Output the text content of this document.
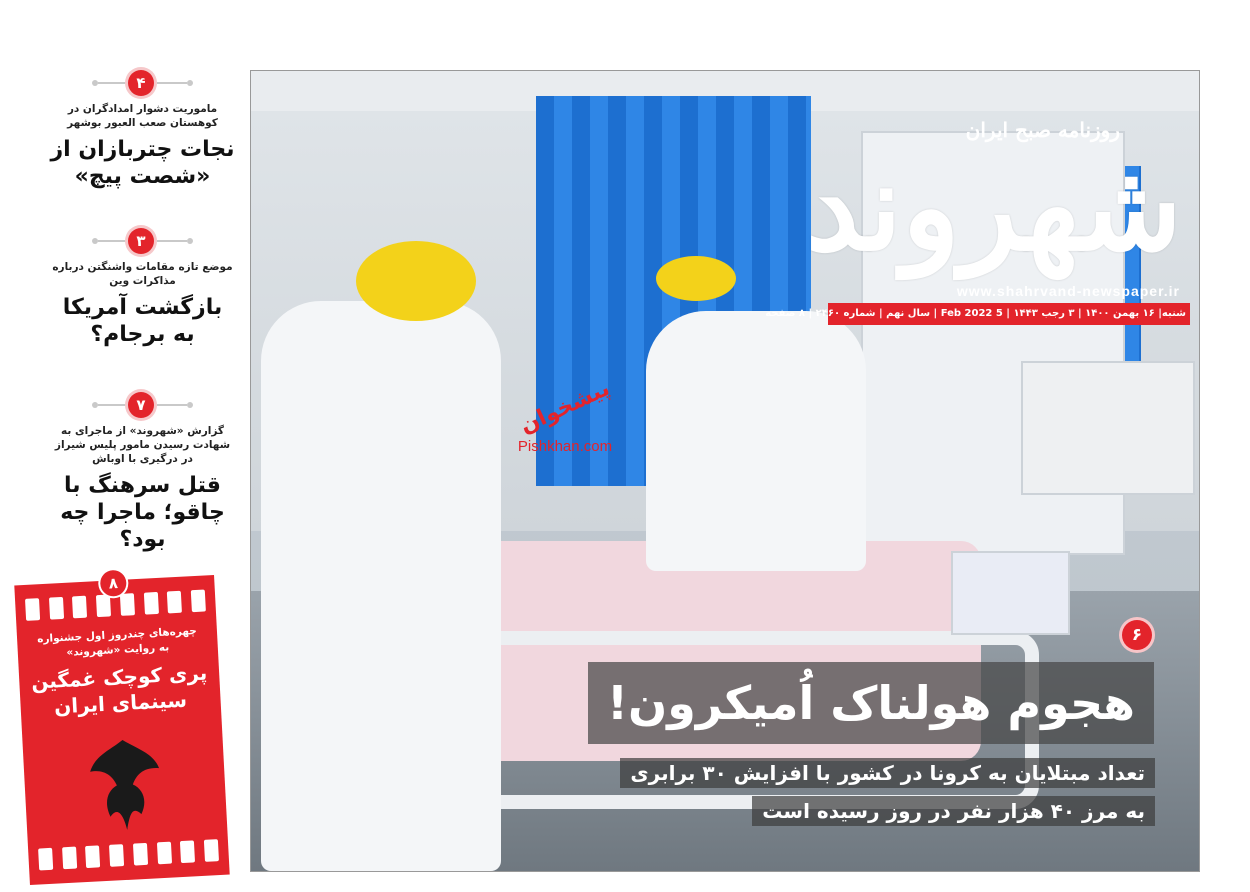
۴
ماموریت دشوار امدادگران در کوهستان صعب العبور بوشهر
نجات چتربازان از «شصت پیچ»
۳
موضع تازه مقامات واشنگتن درباره مذاکرات وین
بازگشت آمریکا به برجام؟
۷
گزارش «شهروند» از ماجرای به شهادت رسیدن مامور پلیس شیراز در درگیری با اوباش
قتل سرهنگ با چاقو؛ ماجرا چه بود؟
۸
چهره‌های چندروز اول جشنواره به روایت «شهروند»
پری کوچک غمگین سینمای ایران
روزنامه صبح ایران
شهروند
www.shahrvand-newspaper.ir
شنبه| ۱۶ بهمن ۱۴۰۰ | ۳ رجب ۱۴۴۳ | 5 Feb 2022 | سال نهم | شماره ۲۴۶۰ | ۸ صفحه
پیشخوان
Pishkhan.com
۶
هجوم هولناک اُمیکرون!
تعداد مبتلایان به کرونا در کشور با افزایش ۳۰ برابری
به مرز ۴۰ هزار نفر در روز رسیده است
